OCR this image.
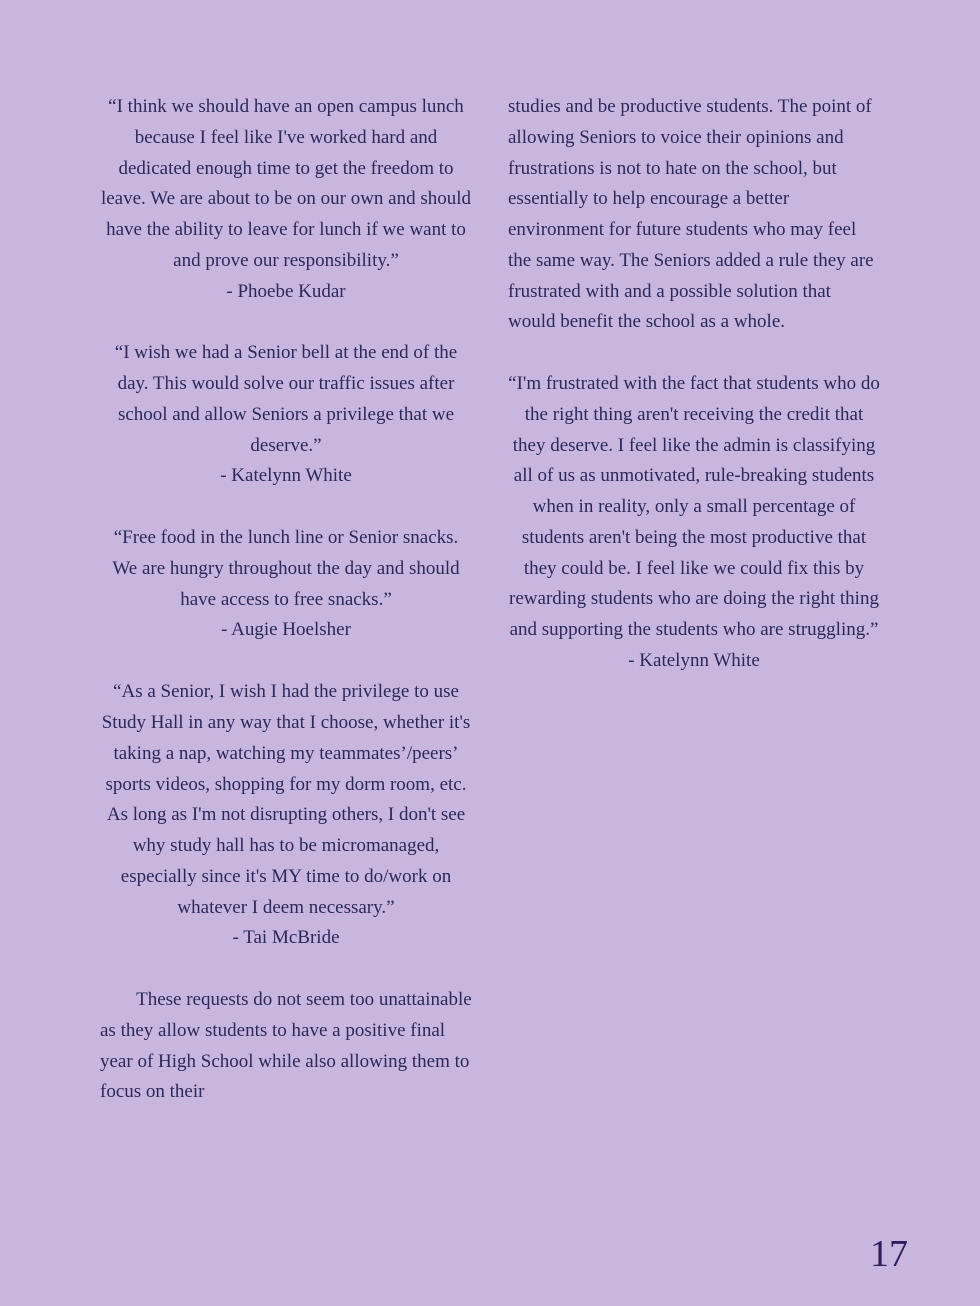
“I think we should have an open campus lunch because I feel like I've worked hard and dedicated enough time to get the freedom to leave. We are about to be on our own and should have the ability to leave for lunch if we want to and prove our responsibility.”

- Phoebe Kudar

“I wish we had a Senior bell at the end of the day. This would solve our traffic issues after school and allow Seniors a privilege that we deserve.”

- Katelynn White

“Free food in the lunch line or Senior snacks. We are hungry throughout the day and should have access to free snacks.”

- Augie Hoelsher

“As a Senior, I wish I had the privilege to use Study Hall in any way that I choose, whether it's taking a nap, watching my teammates’/peers’ sports videos, shopping for my dorm room, etc. As long as I'm not disrupting others, I don't see why study hall has to be micromanaged, especially since it's MY time to do/work on whatever I deem necessary.”

- Tai McBride

These requests do not seem too unattainable as they allow students to have a positive final year of High School while also allowing them to focus on their

studies and be productive students. The point of allowing Seniors to voice their opinions and frustrations is not to hate on the school, but essentially to help encourage a better environment for future students who may feel the same way. The Seniors added a rule they are frustrated with and a possible solution that would benefit the school as a whole.

“I'm frustrated with the fact that students who do the right thing aren't receiving the credit that they deserve. I feel like the admin is classifying all of us as unmotivated, rule-breaking students when in reality, only a small percentage of students aren't being the most productive that they could be. I feel like we could fix this by rewarding students who are doing the right thing and supporting the students who are struggling.”

- Katelynn White

17
